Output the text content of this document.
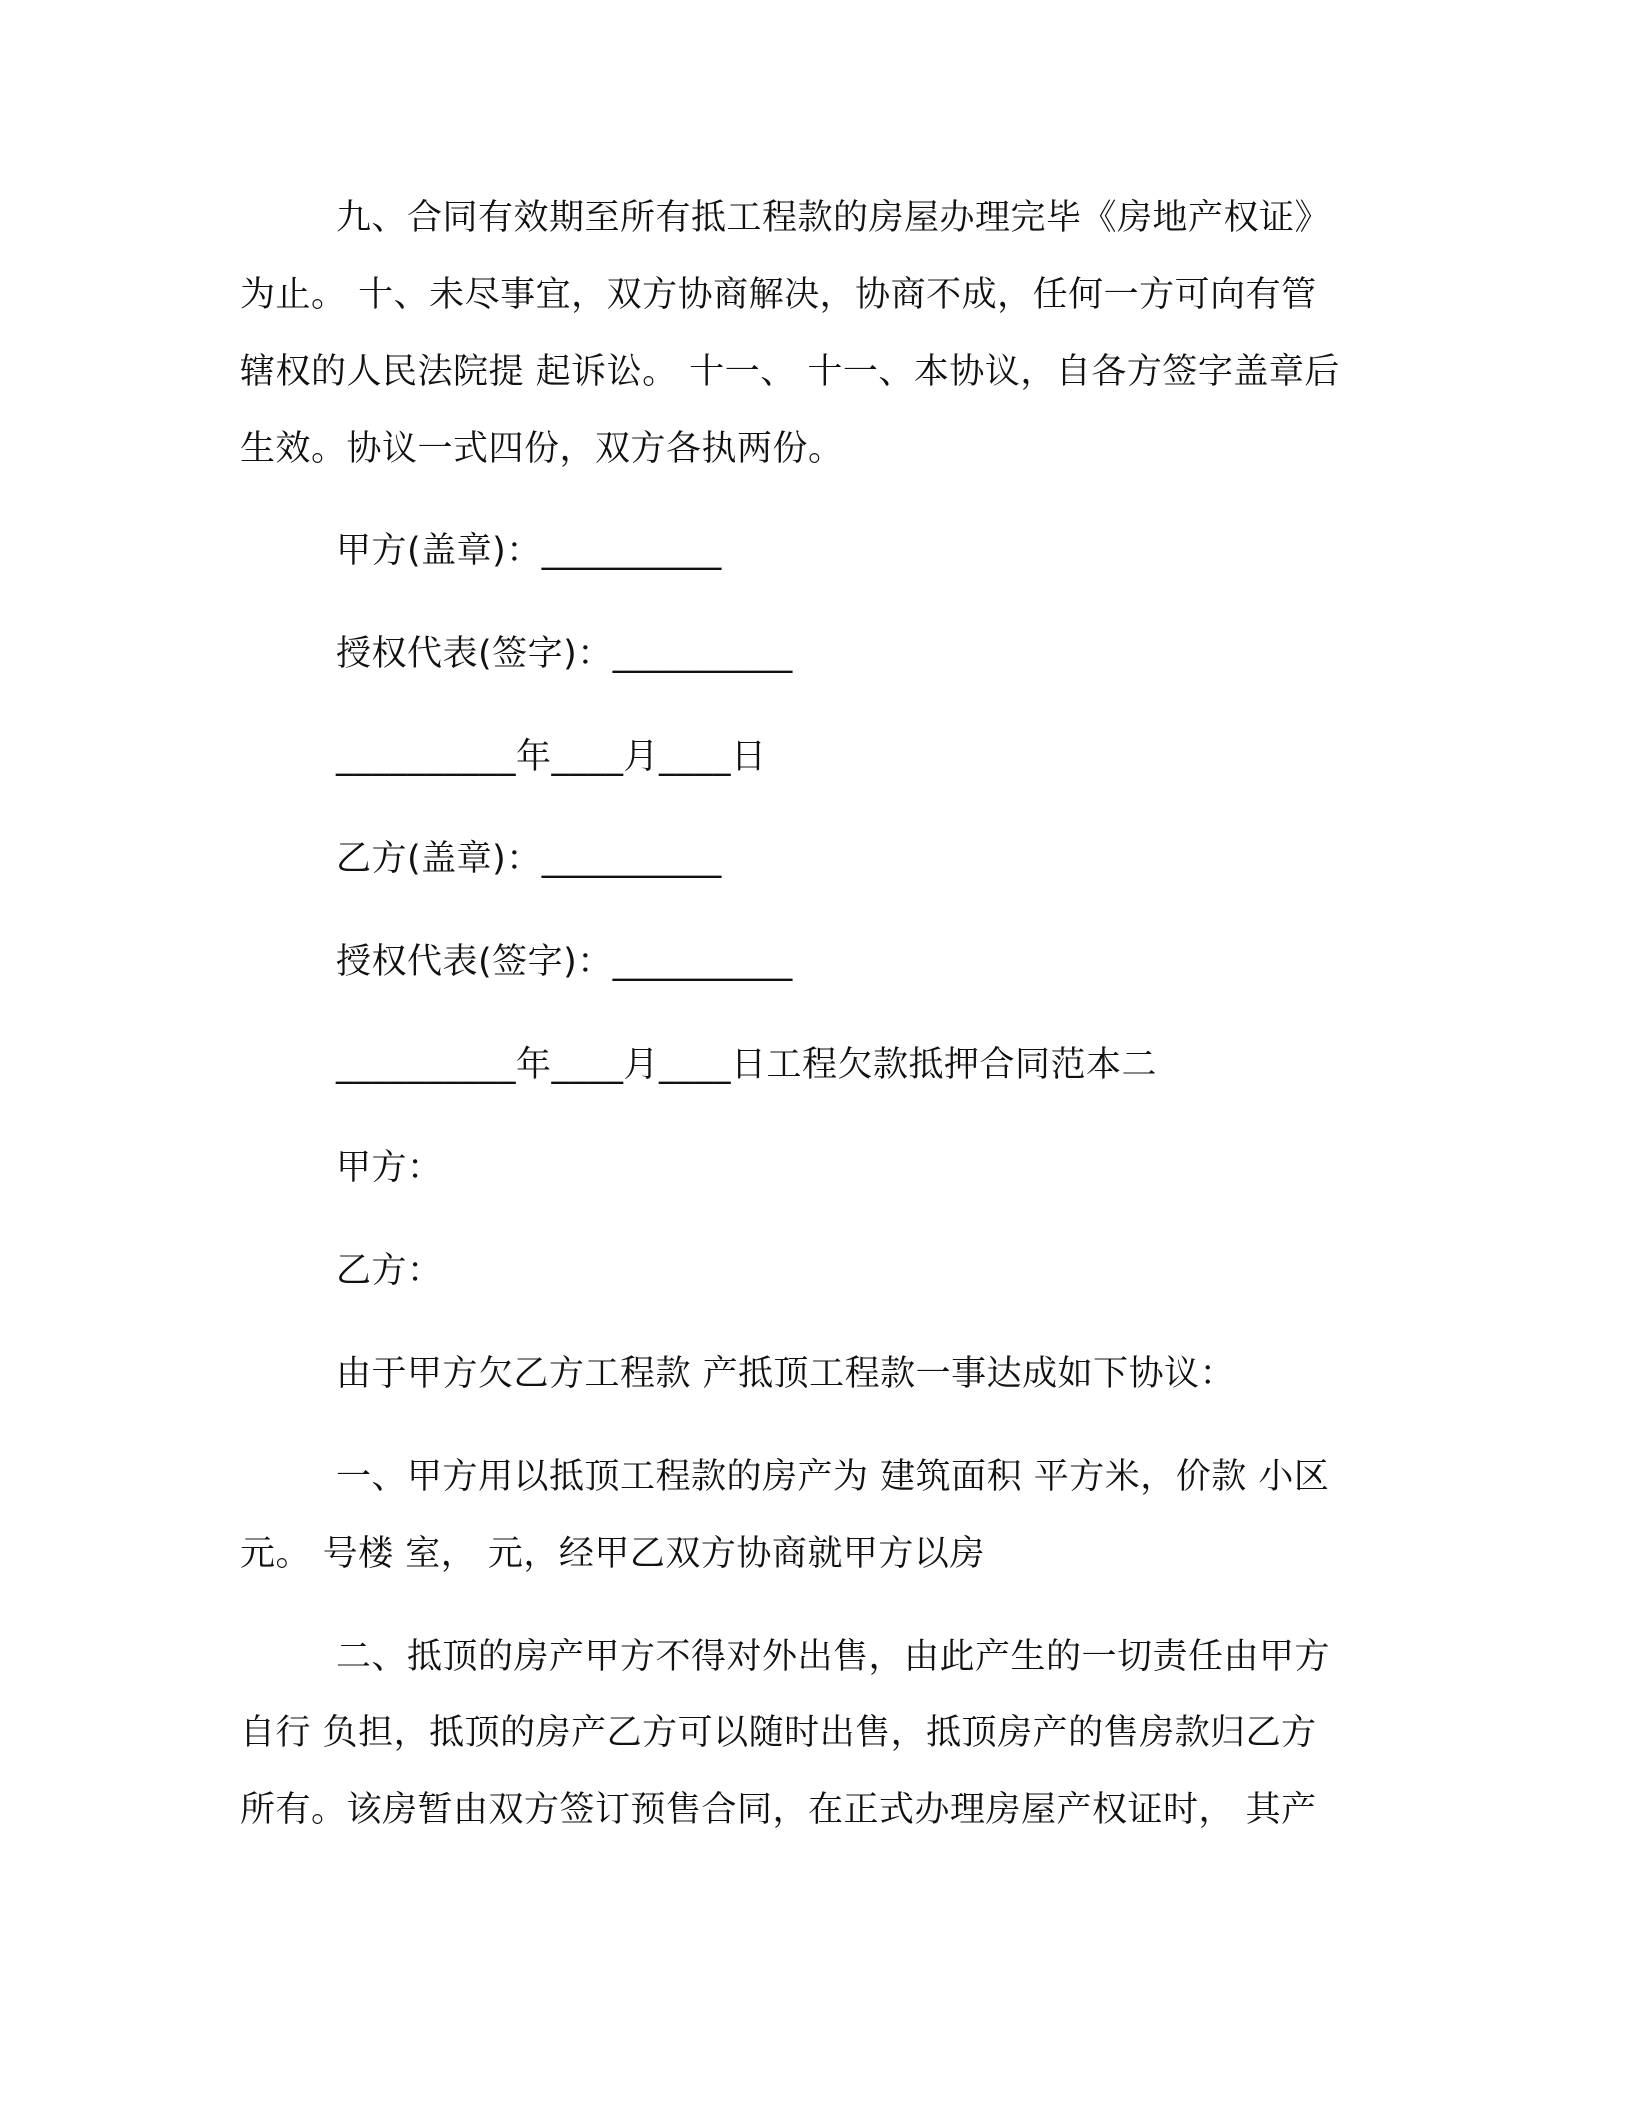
九、合同有效期至所有抵工程款的房屋办理完毕《房地产权证》
为止。 十、未尽事宜，双方协商解决，协商不成，任何一方可向有管
辖权的人民法院提 起诉讼。 十一、 十一、本协议，自各方签字盖章后
生效。协议一式四份，双方各执两份。
甲方(盖章)：__________
授权代表(签字)：__________
__________年____月____日
乙方(盖章)：__________
授权代表(签字)：__________
__________年____月____日工程欠款抵押合同范本二
甲方：
乙方：
由于甲方欠乙方工程款 产抵顶工程款一事达成如下协议：
一、甲方用以抵顶工程款的房产为 建筑面积 平方米，价款 小区
元。 号楼 室， 元，经甲乙双方协商就甲方以房
二、抵顶的房产甲方不得对外出售，由此产生的一切责任由甲方
自行 负担，抵顶的房产乙方可以随时出售，抵顶房产的售房款归乙方
所有。该房暂由双方签订预售合同，在正式办理房屋产权证时， 其产
